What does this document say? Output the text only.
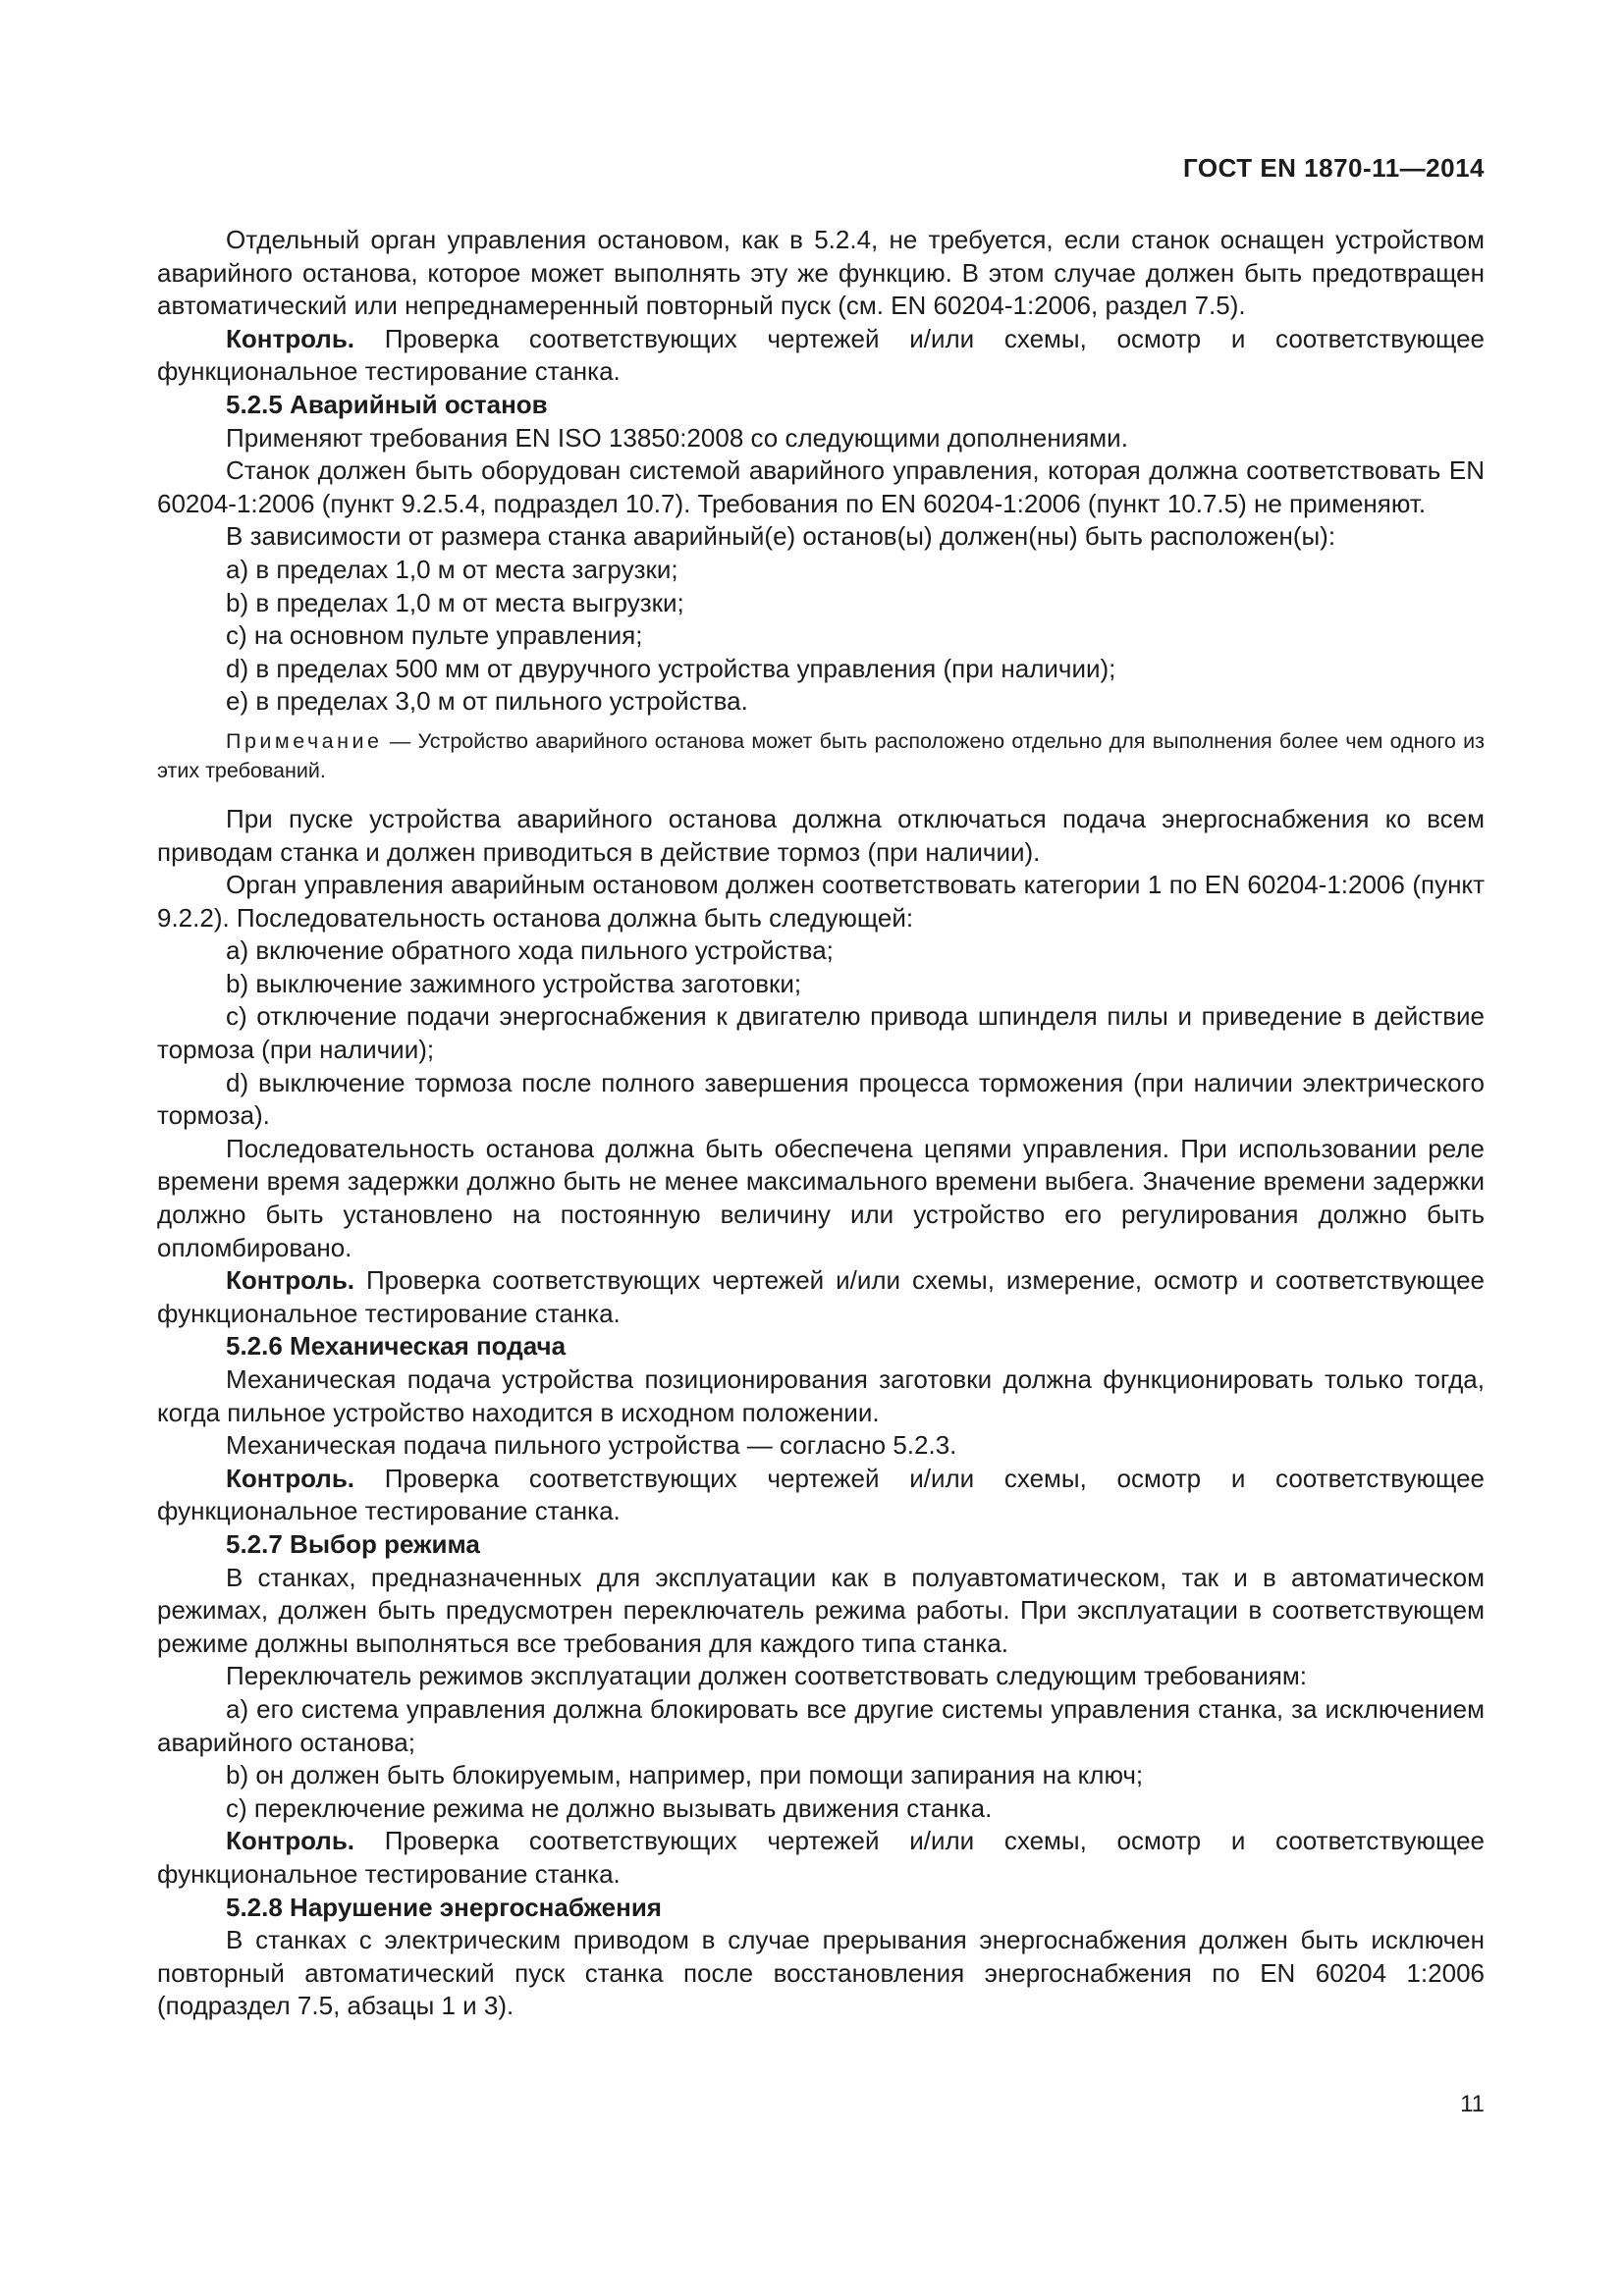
ГОСТ EN 1870-11—2014

Отдельный орган управления остановом, как в 5.2.4, не требуется, если станок оснащен устройством аварийного останова, которое может выполнять эту же функцию. В этом случае должен быть предотвращен автоматический или непреднамеренный повторный пуск (см. EN 60204-1:2006, раздел 7.5).

Контроль. Проверка соответствующих чертежей и/или схемы, осмотр и соответствующее функциональное тестирование станка.

5.2.5 Аварийный останов

Применяют требования EN ISO 13850:2008 со следующими дополнениями.

Станок должен быть оборудован системой аварийного управления, которая должна соответствовать EN 60204-1:2006 (пункт 9.2.5.4, подраздел 10.7). Требования по EN 60204-1:2006 (пункт 10.7.5) не применяют.

В зависимости от размера станка аварийный(е) останов(ы) должен(ны) быть расположен(ы):

a) в пределах 1,0 м от места загрузки;

b) в пределах 1,0 м от места выгрузки;

c) на основном пульте управления;

d) в пределах 500 мм от двуручного устройства управления (при наличии);

e) в пределах 3,0 м от пильного устройства.

Примечание — Устройство аварийного останова может быть расположено отдельно для выполнения более чем одного из этих требований.

При пуске устройства аварийного останова должна отключаться подача энергоснабжения ко всем приводам станка и должен приводиться в действие тормоз (при наличии).

Орган управления аварийным остановом должен соответствовать категории 1 по EN 60204-1:2006 (пункт 9.2.2). Последовательность останова должна быть следующей:

a) включение обратного хода пильного устройства;

b) выключение зажимного устройства заготовки;

c) отключение подачи энергоснабжения к двигателю привода шпинделя пилы и приведение в действие тормоза (при наличии);

d) выключение тормоза после полного завершения процесса торможения (при наличии электрического тормоза).

Последовательность останова должна быть обеспечена цепями управления. При использовании реле времени время задержки должно быть не менее максимального времени выбега. Значение времени задержки должно быть установлено на постоянную величину или устройство его регулирования должно быть опломбировано.

Контроль. Проверка соответствующих чертежей и/или схемы, измерение, осмотр и соответствующее функциональное тестирование станка.

5.2.6 Механическая подача

Механическая подача устройства позиционирования заготовки должна функционировать только тогда, когда пильное устройство находится в исходном положении.

Механическая подача пильного устройства — согласно 5.2.3.

Контроль. Проверка соответствующих чертежей и/или схемы, осмотр и соответствующее функциональное тестирование станка.

5.2.7 Выбор режима

В станках, предназначенных для эксплуатации как в полуавтоматическом, так и в автоматическом режимах, должен быть предусмотрен переключатель режима работы. При эксплуатации в соответствующем режиме должны выполняться все требования для каждого типа станка.

Переключатель режимов эксплуатации должен соответствовать следующим требованиям:

a) его система управления должна блокировать все другие системы управления станка, за исключением аварийного останова;

b) он должен быть блокируемым, например, при помощи запирания на ключ;

c) переключение режима не должно вызывать движения станка.

Контроль. Проверка соответствующих чертежей и/или схемы, осмотр и соответствующее функциональное тестирование станка.

5.2.8 Нарушение энергоснабжения

В станках с электрическим приводом в случае прерывания энергоснабжения должен быть исключен повторный автоматический пуск станка после восстановления энергоснабжения по EN 60204 1:2006 (подраздел 7.5, абзацы 1 и 3).

11
